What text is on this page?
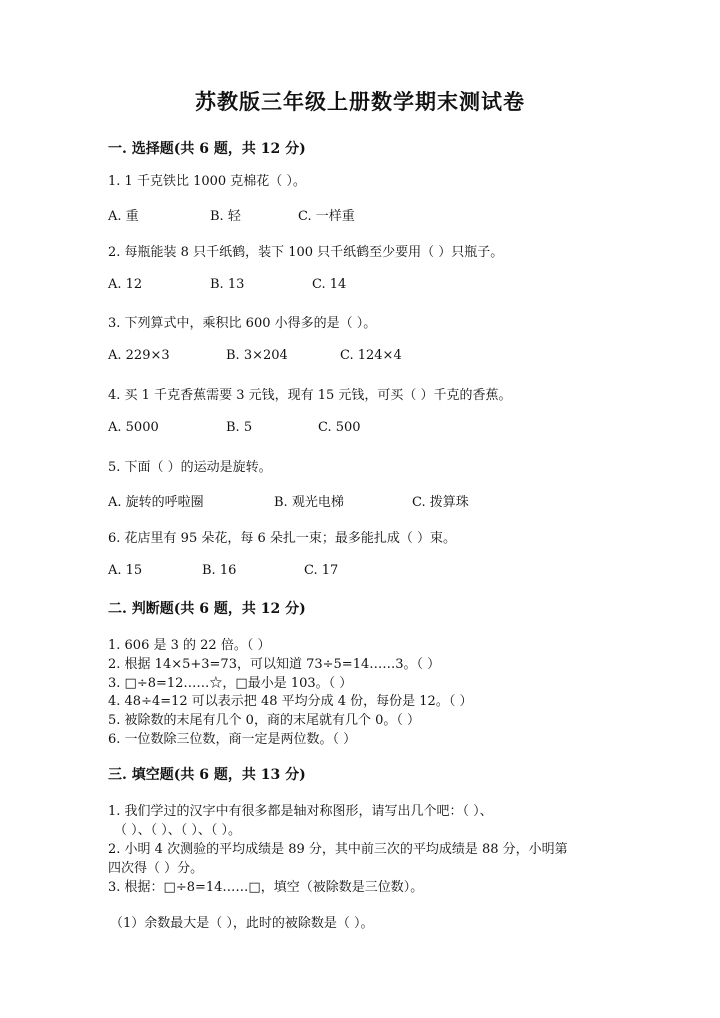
苏教版三年级上册数学期末测试卷
一. 选择题(共 6 题，共 12 分)
1. 1 千克铁比 1000 克棉花（ ）。
A. 重	B. 轻	C. 一样重
2. 每瓶能装 8 只千纸鹤，装下 100 只千纸鹤至少要用（ ）只瓶子。
A. 12	B. 13	C. 14
3. 下列算式中，乘积比 600 小得多的是（ ）。
A. 229×3	B. 3×204	C. 124×4
4. 买 1 千克香蕉需要 3 元钱，现有 15 元钱，可买（ ）千克的香蕉。
A. 5000	B. 5	C. 500
5. 下面（ ）的运动是旋转。
A. 旋转的呼啦圈	B. 观光电梯	C. 拨算珠
6. 花店里有 95 朵花，每 6 朵扎一束；最多能扎成（ ）束。
A. 15	B. 16	C. 17
二. 判断题(共 6 题，共 12 分)
1. 606 是 3 的 22 倍。（ ）
2. 根据 14×5+3=73，可以知道 73÷5=14……3。（ ）
3. □÷8=12……☆，□最小是 103。（ ）
4. 48÷4=12 可以表示把 48 平均分成 4 份，每份是 12。（ ）
5. 被除数的末尾有几个 0，商的末尾就有几个 0。（ ）
6. 一位数除三位数，商一定是两位数。（ ）
三. 填空题(共 6 题，共 13 分)
1. 我们学过的汉字中有很多都是轴对称图形，请写出几个吧：（ ）、
（ ）、（ ）、（ ）、（ ）。
2. 小明 4 次测验的平均成绩是 89 分，其中前三次的平均成绩是 88 分，小明第
四次得（ ）分。
3. 根据：□÷8=14……□，填空（被除数是三位数）。
（1）余数最大是（ ），此时的被除数是（ ）。
